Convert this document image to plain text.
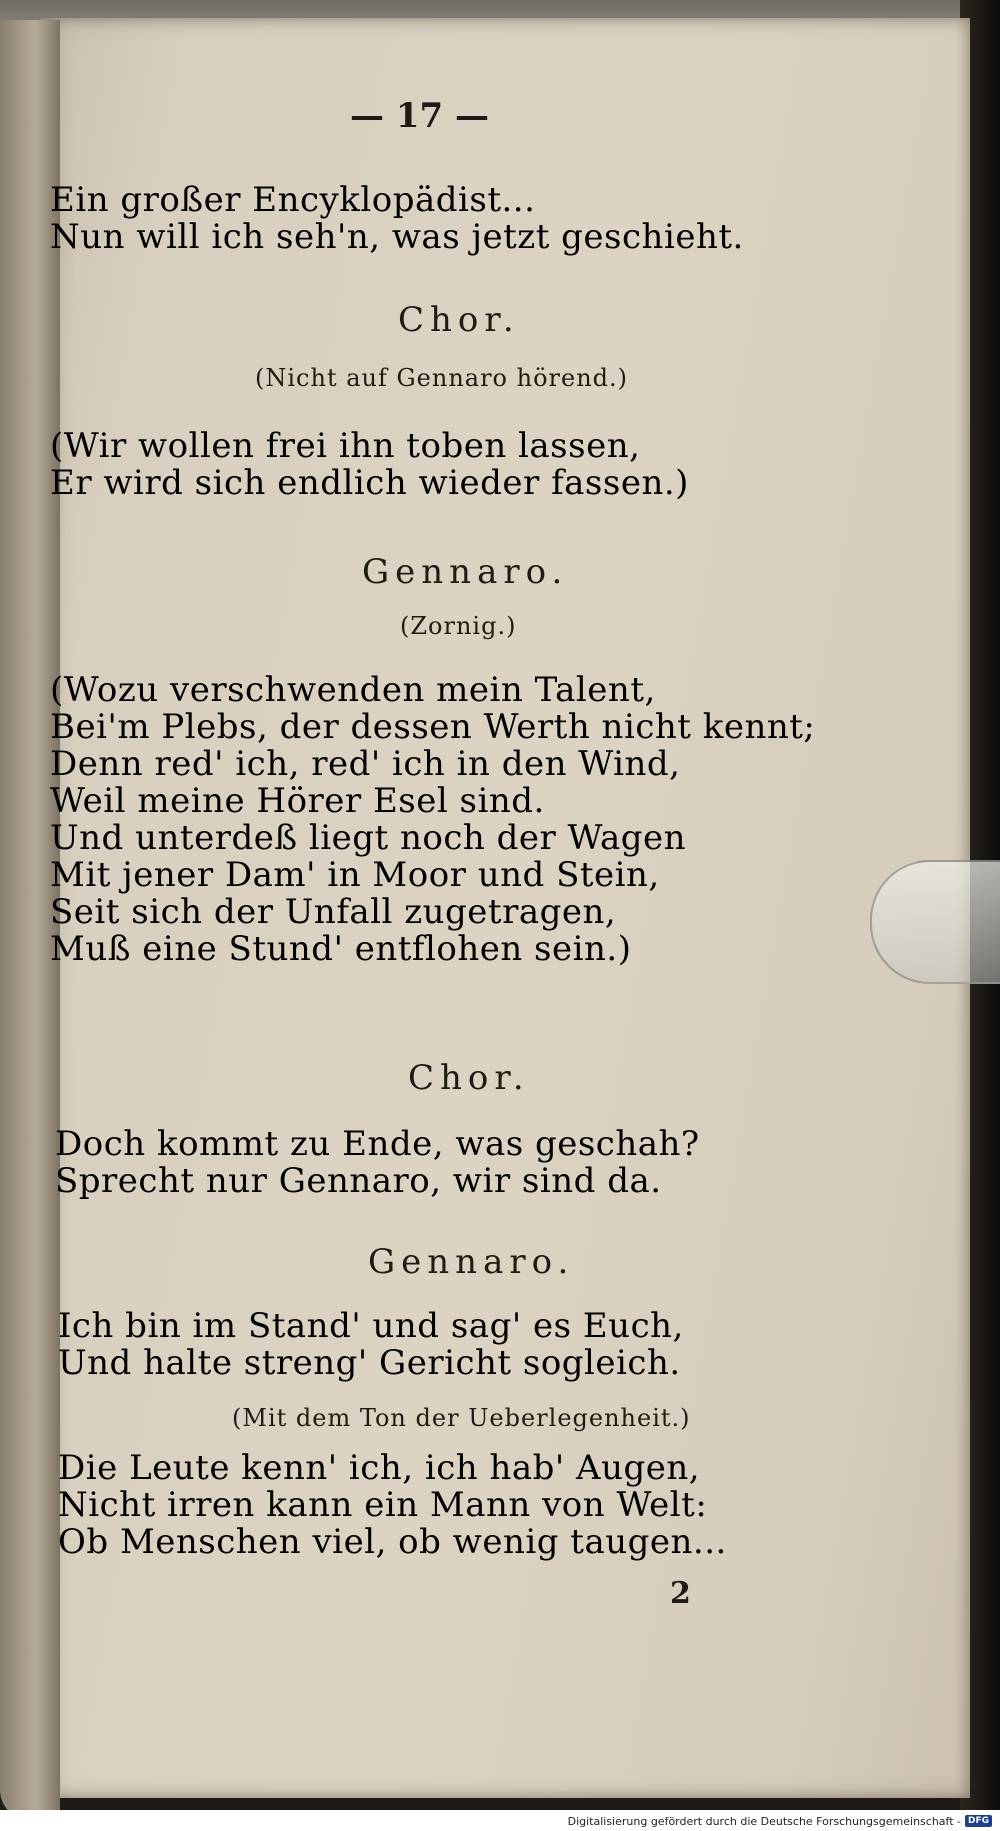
— 17 —
Ein großer Encyklopädist...
Nun will ich seh'n, was jetzt geschieht.
Chor.
(Nicht auf Gennaro hörend.)
(Wir wollen frei ihn toben lassen,
Er wird sich endlich wieder fassen.)
Gennaro.
(Zornig.)
(Wozu verschwenden mein Talent,
Bei'm Plebs, der dessen Werth nicht kennt;
Denn red' ich, red' ich in den Wind,
Weil meine Hörer Esel sind.
Und unterdeß liegt noch der Wagen
Mit jener Dam' in Moor und Stein,
Seit sich der Unfall zugetragen,
Muß eine Stund' entflohen sein.)
Chor.
Doch kommt zu Ende, was geschah?
Sprecht nur Gennaro, wir sind da.
Gennaro.
Ich bin im Stand' und sag' es Euch,
Und halte streng' Gericht sogleich.
(Mit dem Ton der Ueberlegenheit.)
Die Leute kenn' ich, ich hab' Augen,
Nicht irren kann ein Mann von Welt:
Ob Menschen viel, ob wenig taugen...
2
Digitalisierung gefördert durch die Deutsche Forschungsgemeinschaft - DFG
